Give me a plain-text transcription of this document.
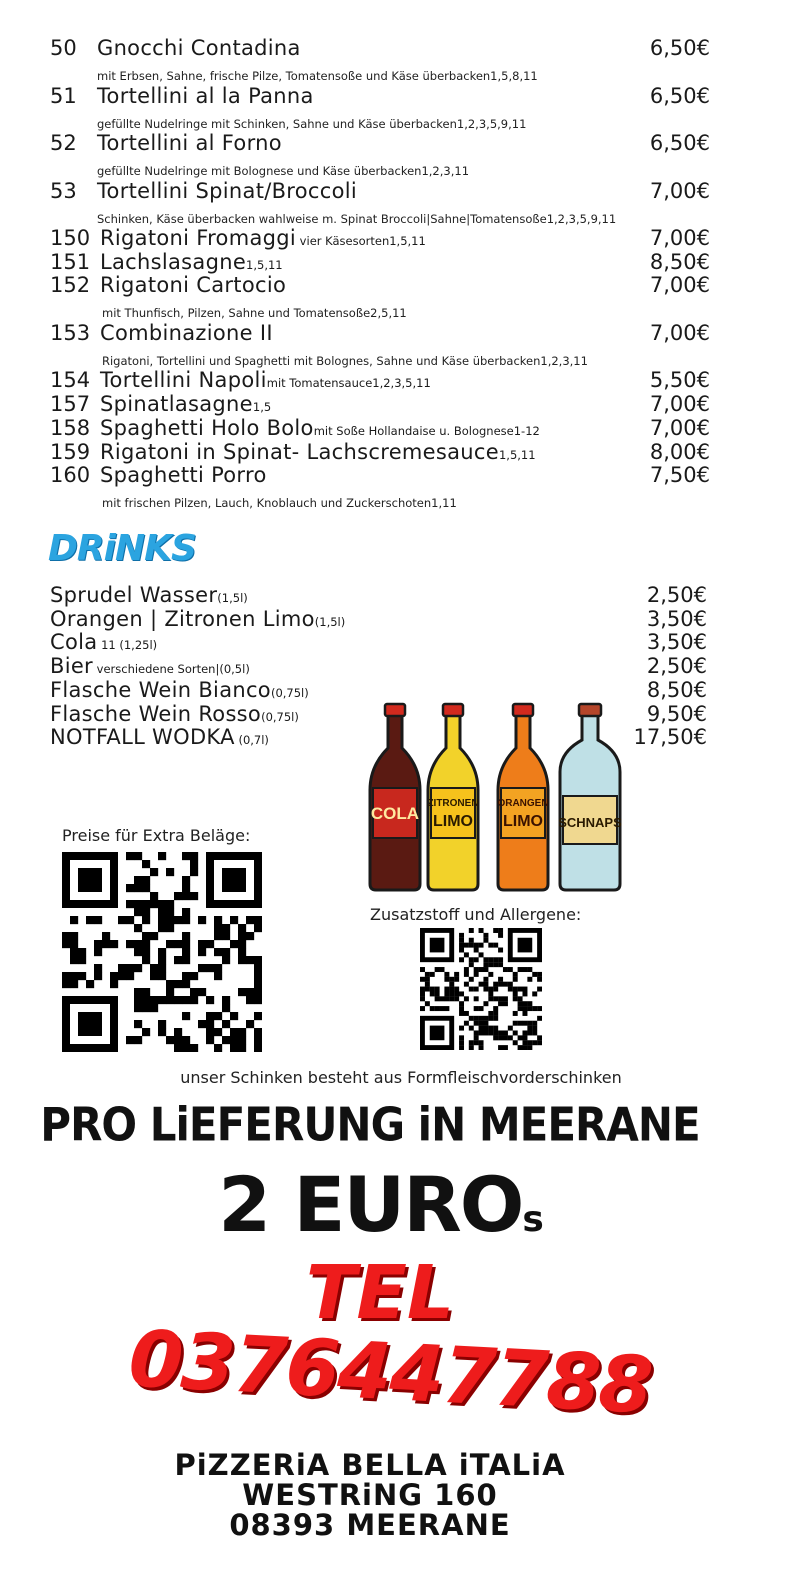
50 Gnocchi Contadina	6,50€
mit Erbsen, Sahne, frische Pilze, Tomatensoße und Käse überbacken1,5,8,11
51 Tortellini al la Panna	6,50€
gefüllte Nudelringe mit Schinken, Sahne und Käse überbacken1,2,3,5,9,11
52 Tortellini al Forno	6,50€
gefüllte Nudelringe mit Bolognese und Käse überbacken1,2,3,11
53 Tortellini Spinat/Broccoli	7,00€
Schinken, Käse überbacken wahlweise m. Spinat Broccoli|Sahne|Tomatensoße1,2,3,5,9,11
150 Rigatoni Fromaggi vier Käsesorten1,5,11	7,00€
151 Lachslasagne1,5,11	8,50€
152 Rigatoni Cartocio	7,00€
mit Thunfisch, Pilzen, Sahne und Tomatensoße2,5,11
153 Combinazione II	7,00€
Rigatoni, Tortellini und Spaghetti mit Bolognes, Sahne und Käse überbacken1,2,3,11
154 Tortellini Napolimit Tomatensauce1,2,3,5,11	5,50€
157 Spinatlasagne1,5	7,00€
158 Spaghetti Holo Bolomit Soße Hollandaise u. Bolognese1-12	7,00€
159 Rigatoni in Spinat- Lachscremesauce1,5,11	8,00€
160 Spaghetti Porro	7,50€
mit frischen Pilzen, Lauch, Knoblauch und Zuckerschoten1,11
DRiNKS
Sprudel Wasser(1,5l)	2,50€
Orangen | Zitronen Limo(1,5l)	3,50€
Cola 11 (1,25l)	3,50€
Bier verschiedene Sorten|(0,5l)	2,50€
Flasche Wein Bianco(0,75l)	8,50€
Flasche Wein Rosso(0,75l)	9,50€
NOTFALL WODKA (0,7l)	17,50€
COLA
ZITRONEN
LIMO
ORANGEN
LIMO SCHNAPS
Preise für Extra Beläge:
Zusatzstoff und Allergene:
unser Schinken besteht aus Formfleischvorderschinken
PRO LiEFERUNG iN MEERANE
2 EUROs
TEL
0376447788
PiZZERiA BELLA iTALiA
WESTRiNG 160
08393 MEERANE
